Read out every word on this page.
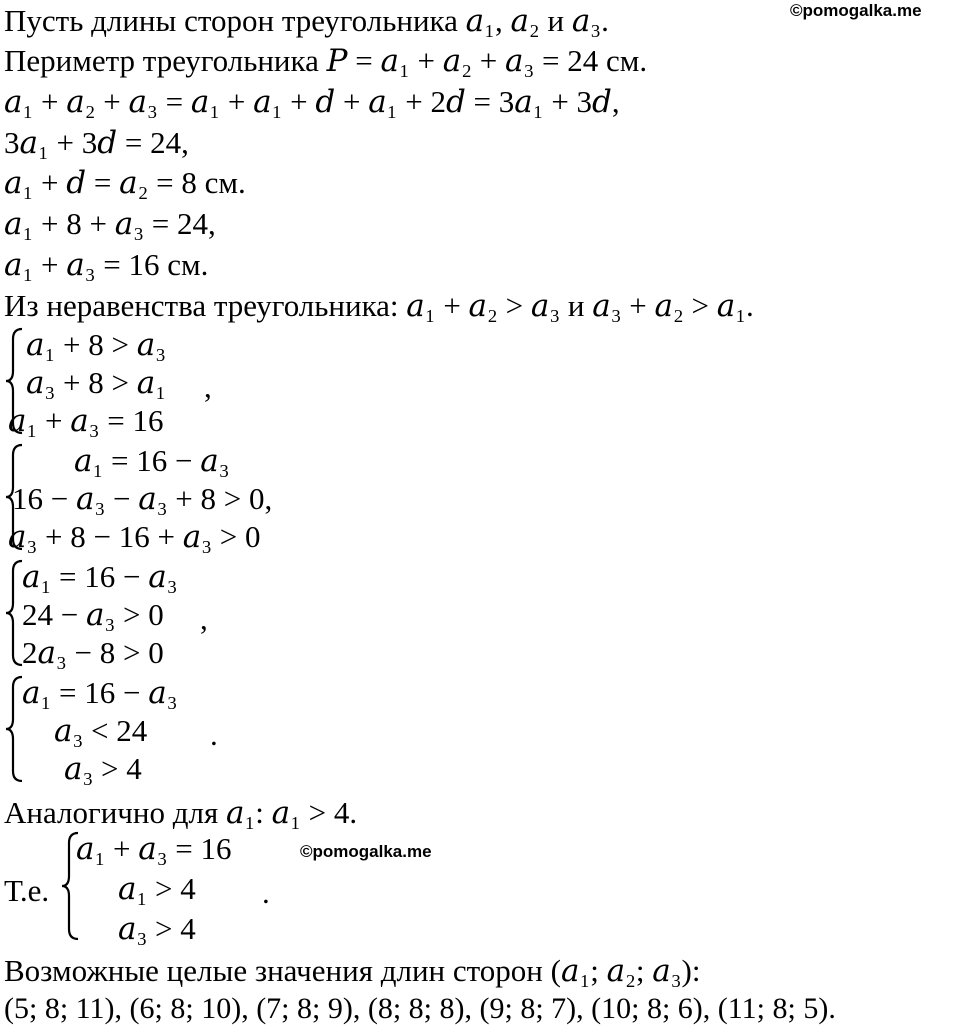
©pomogalka.me
Пусть длины сторон треугольника 𝑎₁, 𝑎₂ и 𝑎₃.
Периметр треугольника 𝑃 = 𝑎₁ + 𝑎₂ + 𝑎₃ = 24 см.
𝑎₁ + 𝑎₂ + 𝑎₃ = 𝑎₁ + 𝑎₁ + 𝑑 + 𝑎₁ + 2𝑑 = 3𝑎₁ + 3𝑑,
3𝑎₁ + 3𝑑 = 24,
𝑎₁ + 𝑑 = 𝑎₂ = 8 см.
𝑎₁ + 8 + 𝑎₃ = 24,
𝑎₁ + 𝑎₃ = 16 см.
Из неравенства треугольника: 𝑎₁ + 𝑎₂ > 𝑎₃ и 𝑎₃ + 𝑎₂ > 𝑎₁.
𝑎₁ + 8 > 𝑎₃
𝑎₃ + 8 > 𝑎₁
𝑎₁ + 𝑎₃ = 16
,
𝑎₁ = 16 − 𝑎₃
16 − 𝑎₃ − 𝑎₃ + 8 > 0,
𝑎₃ + 8 − 16 + 𝑎₃ > 0
𝑎₁ = 16 − 𝑎₃
24 − 𝑎₃ > 0
2𝑎₃ − 8 > 0
,
𝑎₁ = 16 − 𝑎₃
𝑎₃ < 24
𝑎₃ > 4
.
Аналогично для 𝑎₁: 𝑎₁ > 4.
Т.е.
𝑎₁ + 𝑎₃ = 16
𝑎₁ > 4
𝑎₃ > 4
.
©pomogalka.me
Возможные целые значения длин сторон (𝑎₁; 𝑎₂; 𝑎₃):
(5; 8; 11), (6; 8; 10), (7; 8; 9), (8; 8; 8), (9; 8; 7), (10; 8; 6), (11; 8; 5).
